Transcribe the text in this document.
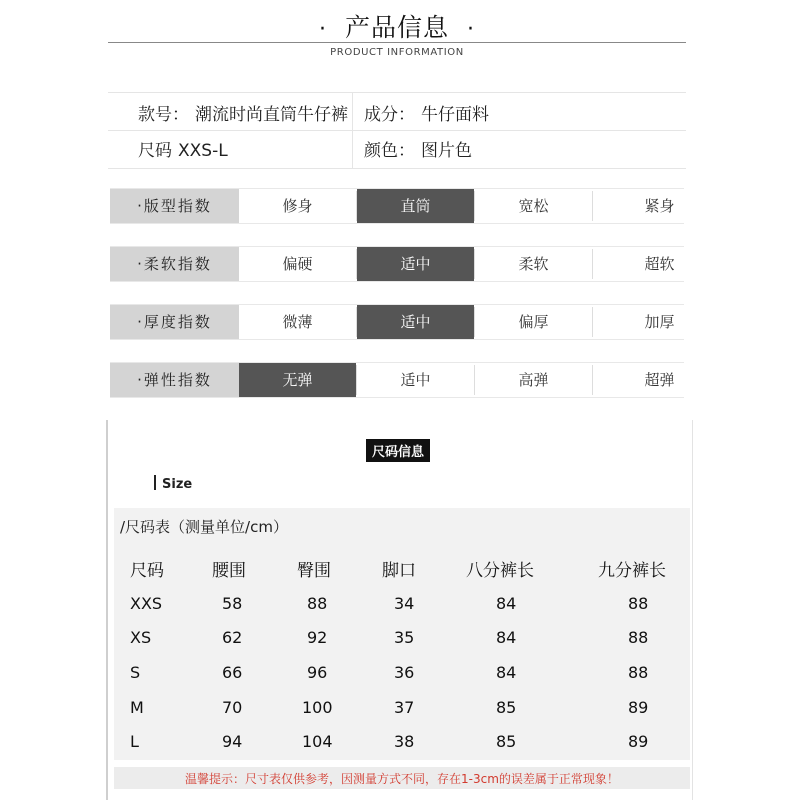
· 产品信息 ·
PRODUCT INFORMATION
款号： 潮流时尚直筒牛仔裤 成分： 牛仔面料
尺码 XXS-L	颜色： 图片色
·版型指数	修身	直筒	宽松	紧身
·柔软指数	偏硬	适中	柔软	超软
·厚度指数	微薄	适中	偏厚	加厚
·弹性指数	无弹	适中	高弹	超弹
尺码信息
Size
/尺码表（测量单位/cm）
尺码	腰围	臀围	脚口	八分裤长	九分裤长
XXS	58	88	34	84	88
XS	62	92	35	84	88
S	66	96	36	84	88
M	70	100	37	85	89
L	94	104	38	85	89
温馨提示：尺寸表仅供参考，因测量方式不同，存在1-3cm的误差属于正常现象！
